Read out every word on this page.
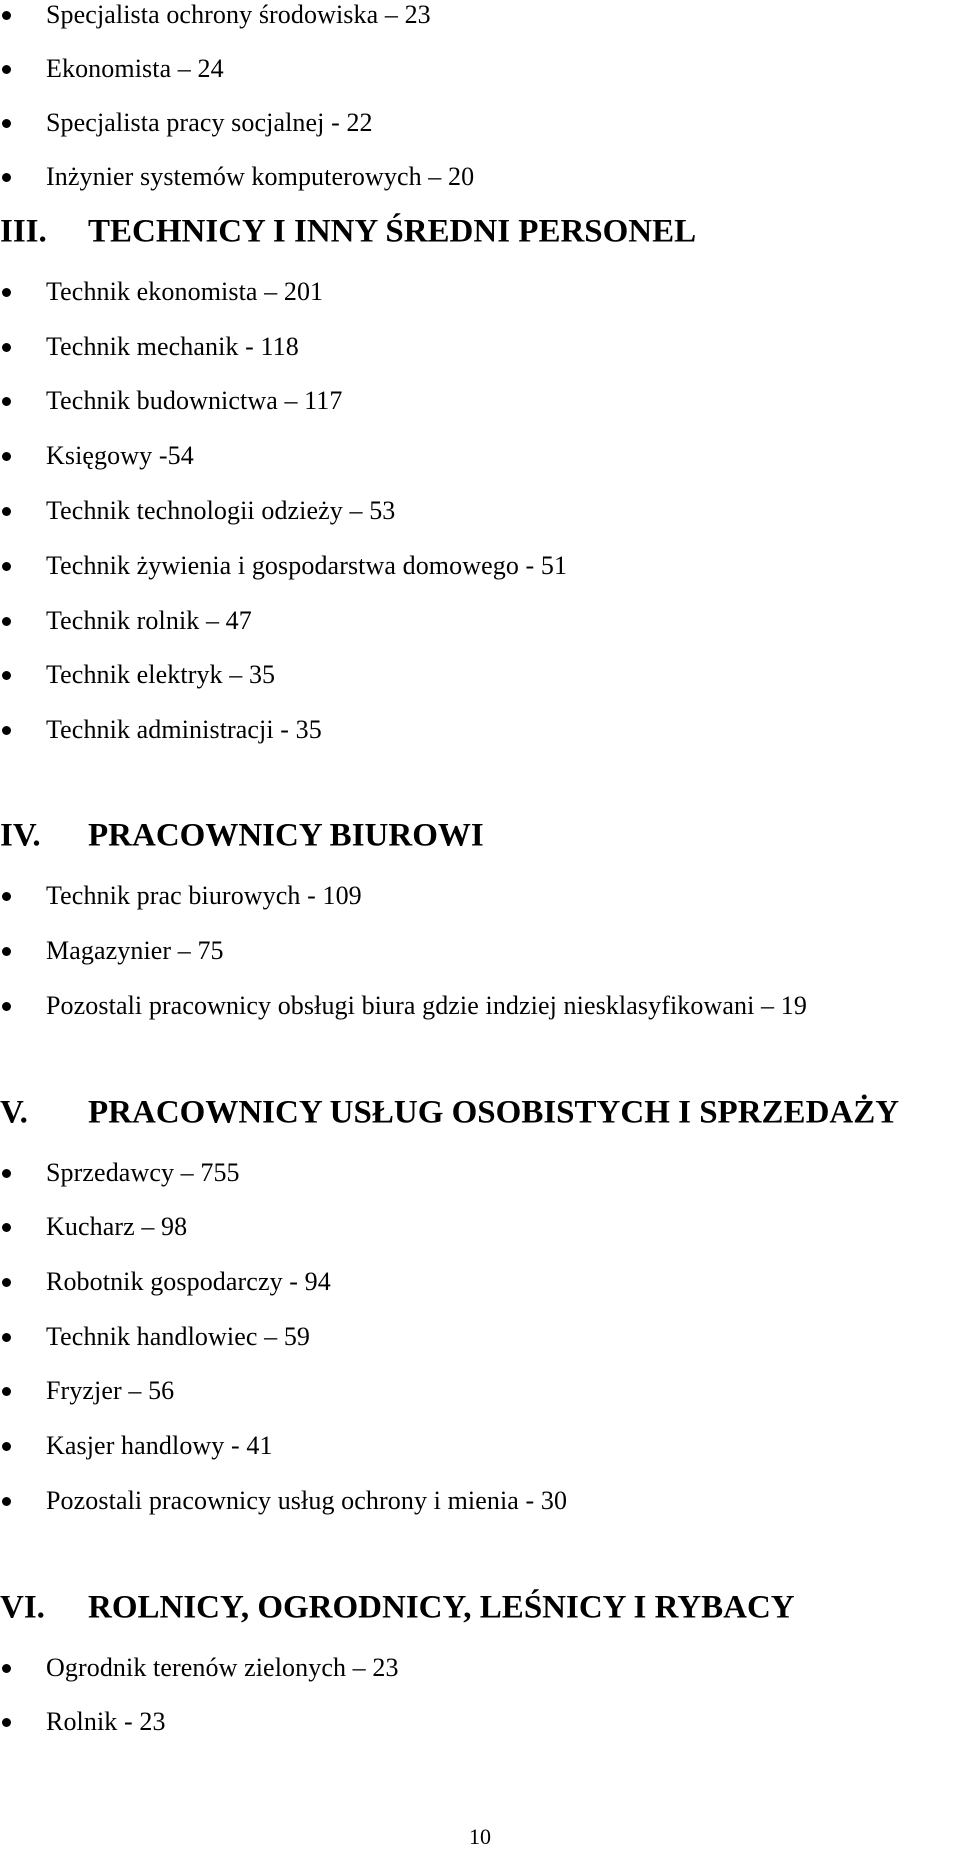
Specjalista ochrony środowiska – 23
Ekonomista – 24
Specjalista pracy socjalnej - 22
Inżynier systemów komputerowych – 20
III. TECHNICY I INNY ŚREDNI PERSONEL
Technik ekonomista – 201
Technik mechanik - 118
Technik budownictwa – 117
Księgowy -54
Technik technologii odzieży – 53
Technik żywienia i gospodarstwa domowego - 51
Technik rolnik – 47
Technik elektryk – 35
Technik administracji - 35
IV. PRACOWNICY BIUROWI
Technik prac biurowych - 109
Magazynier – 75
Pozostali pracownicy obsługi biura gdzie indziej niesklasyfikowani – 19
V. PRACOWNICY USŁUG OSOBISTYCH I SPRZEDAŻY
Sprzedawcy – 755
Kucharz – 98
Robotnik gospodarczy - 94
Technik handlowiec – 59
Fryzjer – 56
Kasjer handlowy - 41
Pozostali pracownicy usług ochrony i mienia - 30
VI. ROLNICY, OGRODNICY, LEŚNICY I RYBACY
Ogrodnik terenów zielonych – 23
Rolnik - 23
10
